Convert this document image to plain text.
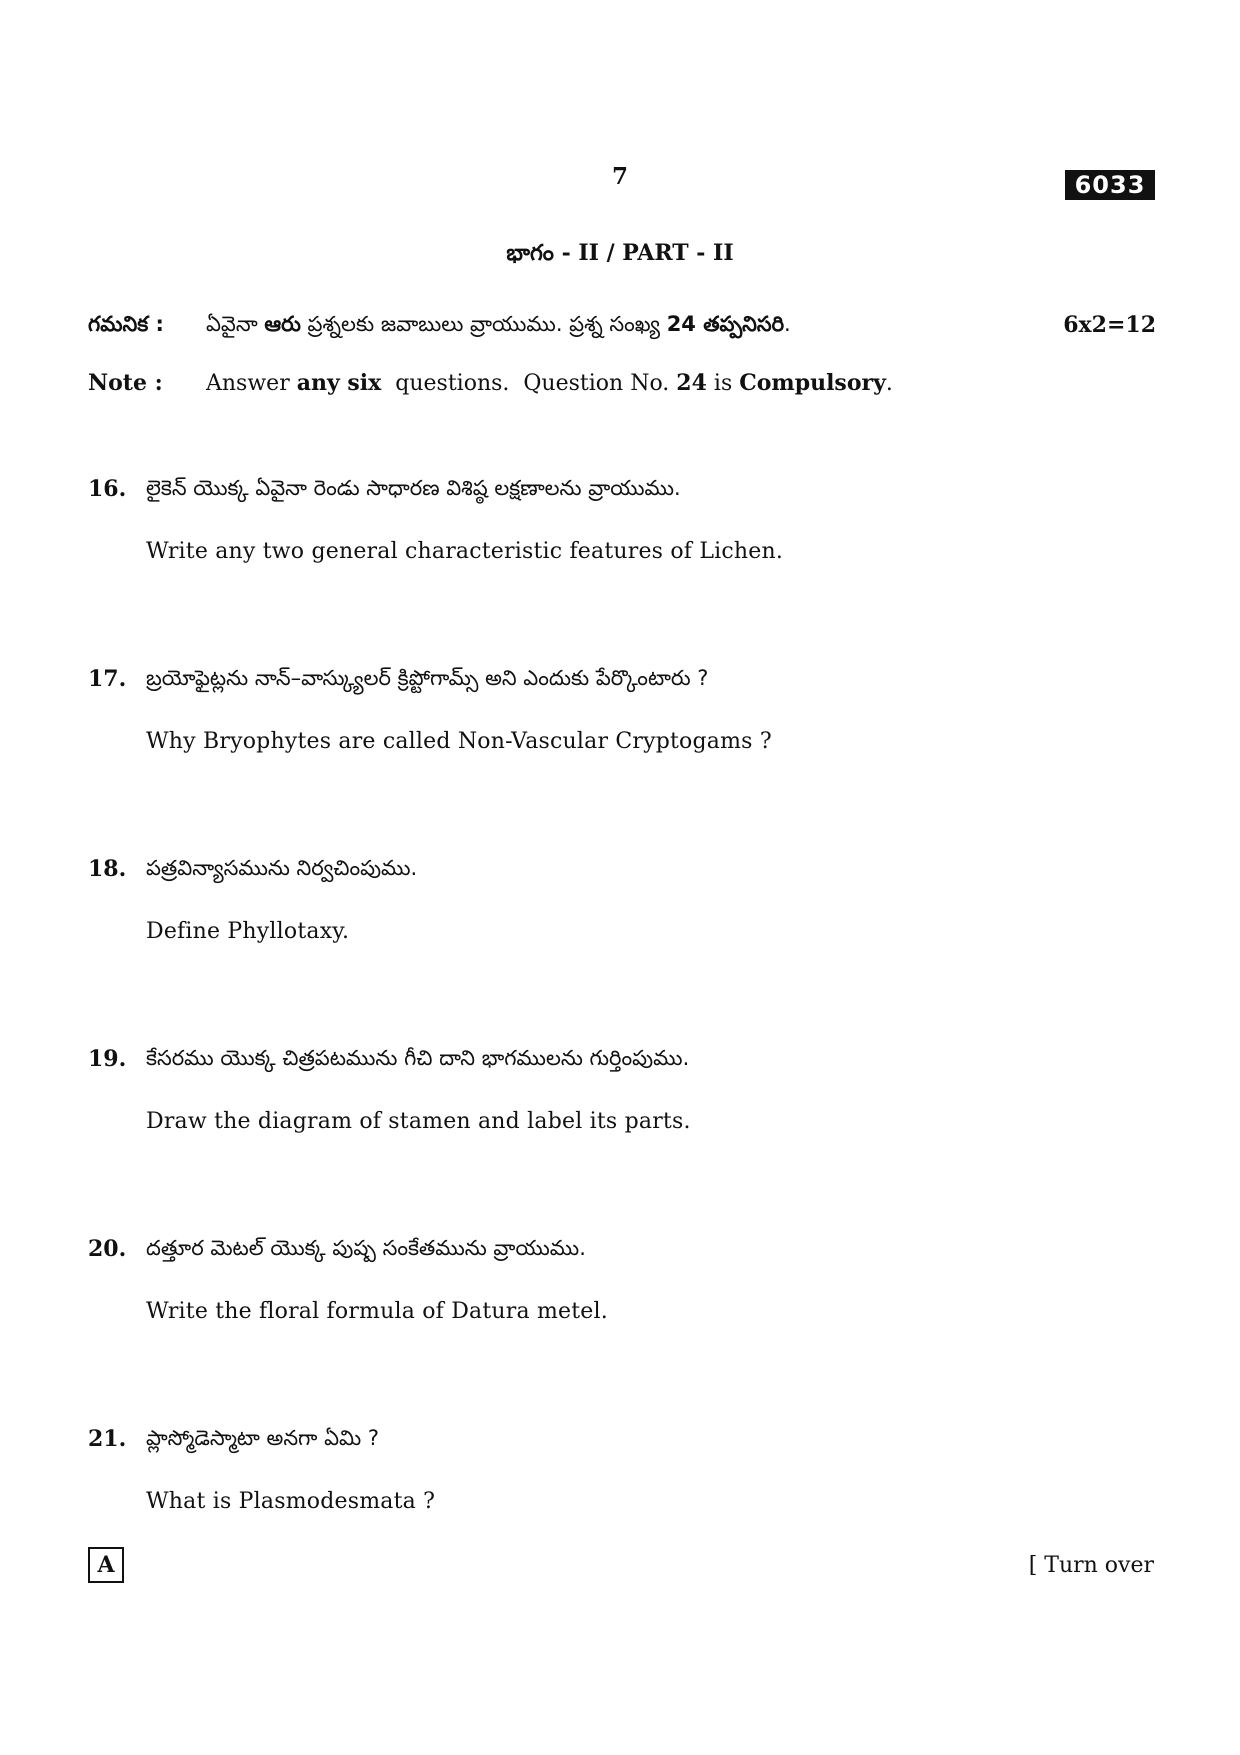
7	6033
భాగం - II / PART - II
గమనిక : ఏవైనా ఆరు ప్రశ్నలకు జవాబులు వ్రాయుము. ప్రశ్న సంఖ్య 24 తప్పనిసరి.	6x2=12
Note : Answer any six  questions.  Question No. 24 is Compulsory.
16. లైకెన్ యొక్క ఏవైనా రెండు సాధారణ విశిష్ఠ లక్షణాలను వ్రాయుము.
Write any two general characteristic features of Lichen.
17. బ్రయోఫైట్లను నాన్–వాస్క్యులర్ క్రిప్టోగామ్స్ అని ఎందుకు పేర్కొంటారు ?
Why Bryophytes are called Non-Vascular Cryptogams ?
18. పత్రవిన్యాసమును నిర్వచింపుము.
Define Phyllotaxy.
19. కేసరము యొక్క చిత్రపటమును గీచి దాని భాగములను గుర్తింపుము.
Draw the diagram of stamen and label its parts.
20. దత్తూర మెటల్ యొక్క పుష్ప సంకేతమును వ్రాయుము.
Write the floral formula of Datura metel.
21. ప్లాస్మోడెస్మాటా అనగా ఏమి ?
What is Plasmodesmata ?
A	[ Turn over
